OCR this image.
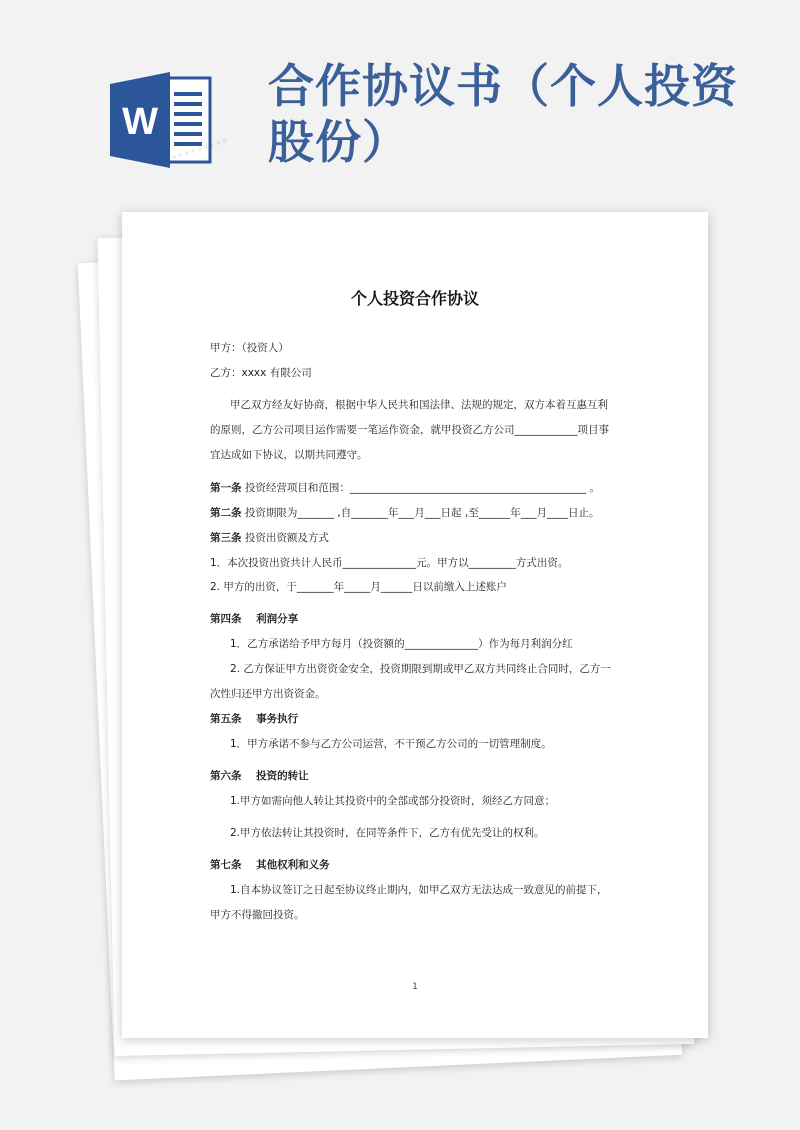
W
合作协议书（个人投资股份）
个人投资合作协议
甲方：（投资人）
乙方：xxxx 有限公司
甲乙双方经友好协商，根据中华人民共和国法律、法规的规定，双方本着互惠互利
的原则，乙方公司项目运作需要一笔运作资金，就甲投资乙方公司____________项目事
宜达成如下协议，以期共同遵守。
第一条 投资经营项目和范围：_____________________________________________ 。
第二条 投资期限为_______ ,自_______年___月___日起 ,至______年___月____日止。
第三条 投资出资额及方式
1．本次投资出资共计人民币______________元。甲方以_________方式出资。
2. 甲方的出资，于_______年_____月______日以前缴入上述账户
第四条 利润分享
1．乙方承诺给予甲方每月（投资额的______________）作为每月利润分红
2. 乙方保证甲方出资资金安全，投资期限到期或甲乙双方共同终止合同时，乙方一
次性归还甲方出资资金。
第五条 事务执行
1．甲方承诺不参与乙方公司运营，不干预乙方公司的一切管理制度。
第六条 投资的转让
1.甲方如需向他人转让其投资中的全部或部分投资时，须经乙方同意；
2.甲方依法转让其投资时，在同等条件下，乙方有优先受让的权利。
第七条 其他权利和义务
1.自本协议签订之日起至协议终止期内，如甲乙双方无法达成一致意见的前提下，
甲方不得撤回投资。
1
⋯⋯⋯⋯
